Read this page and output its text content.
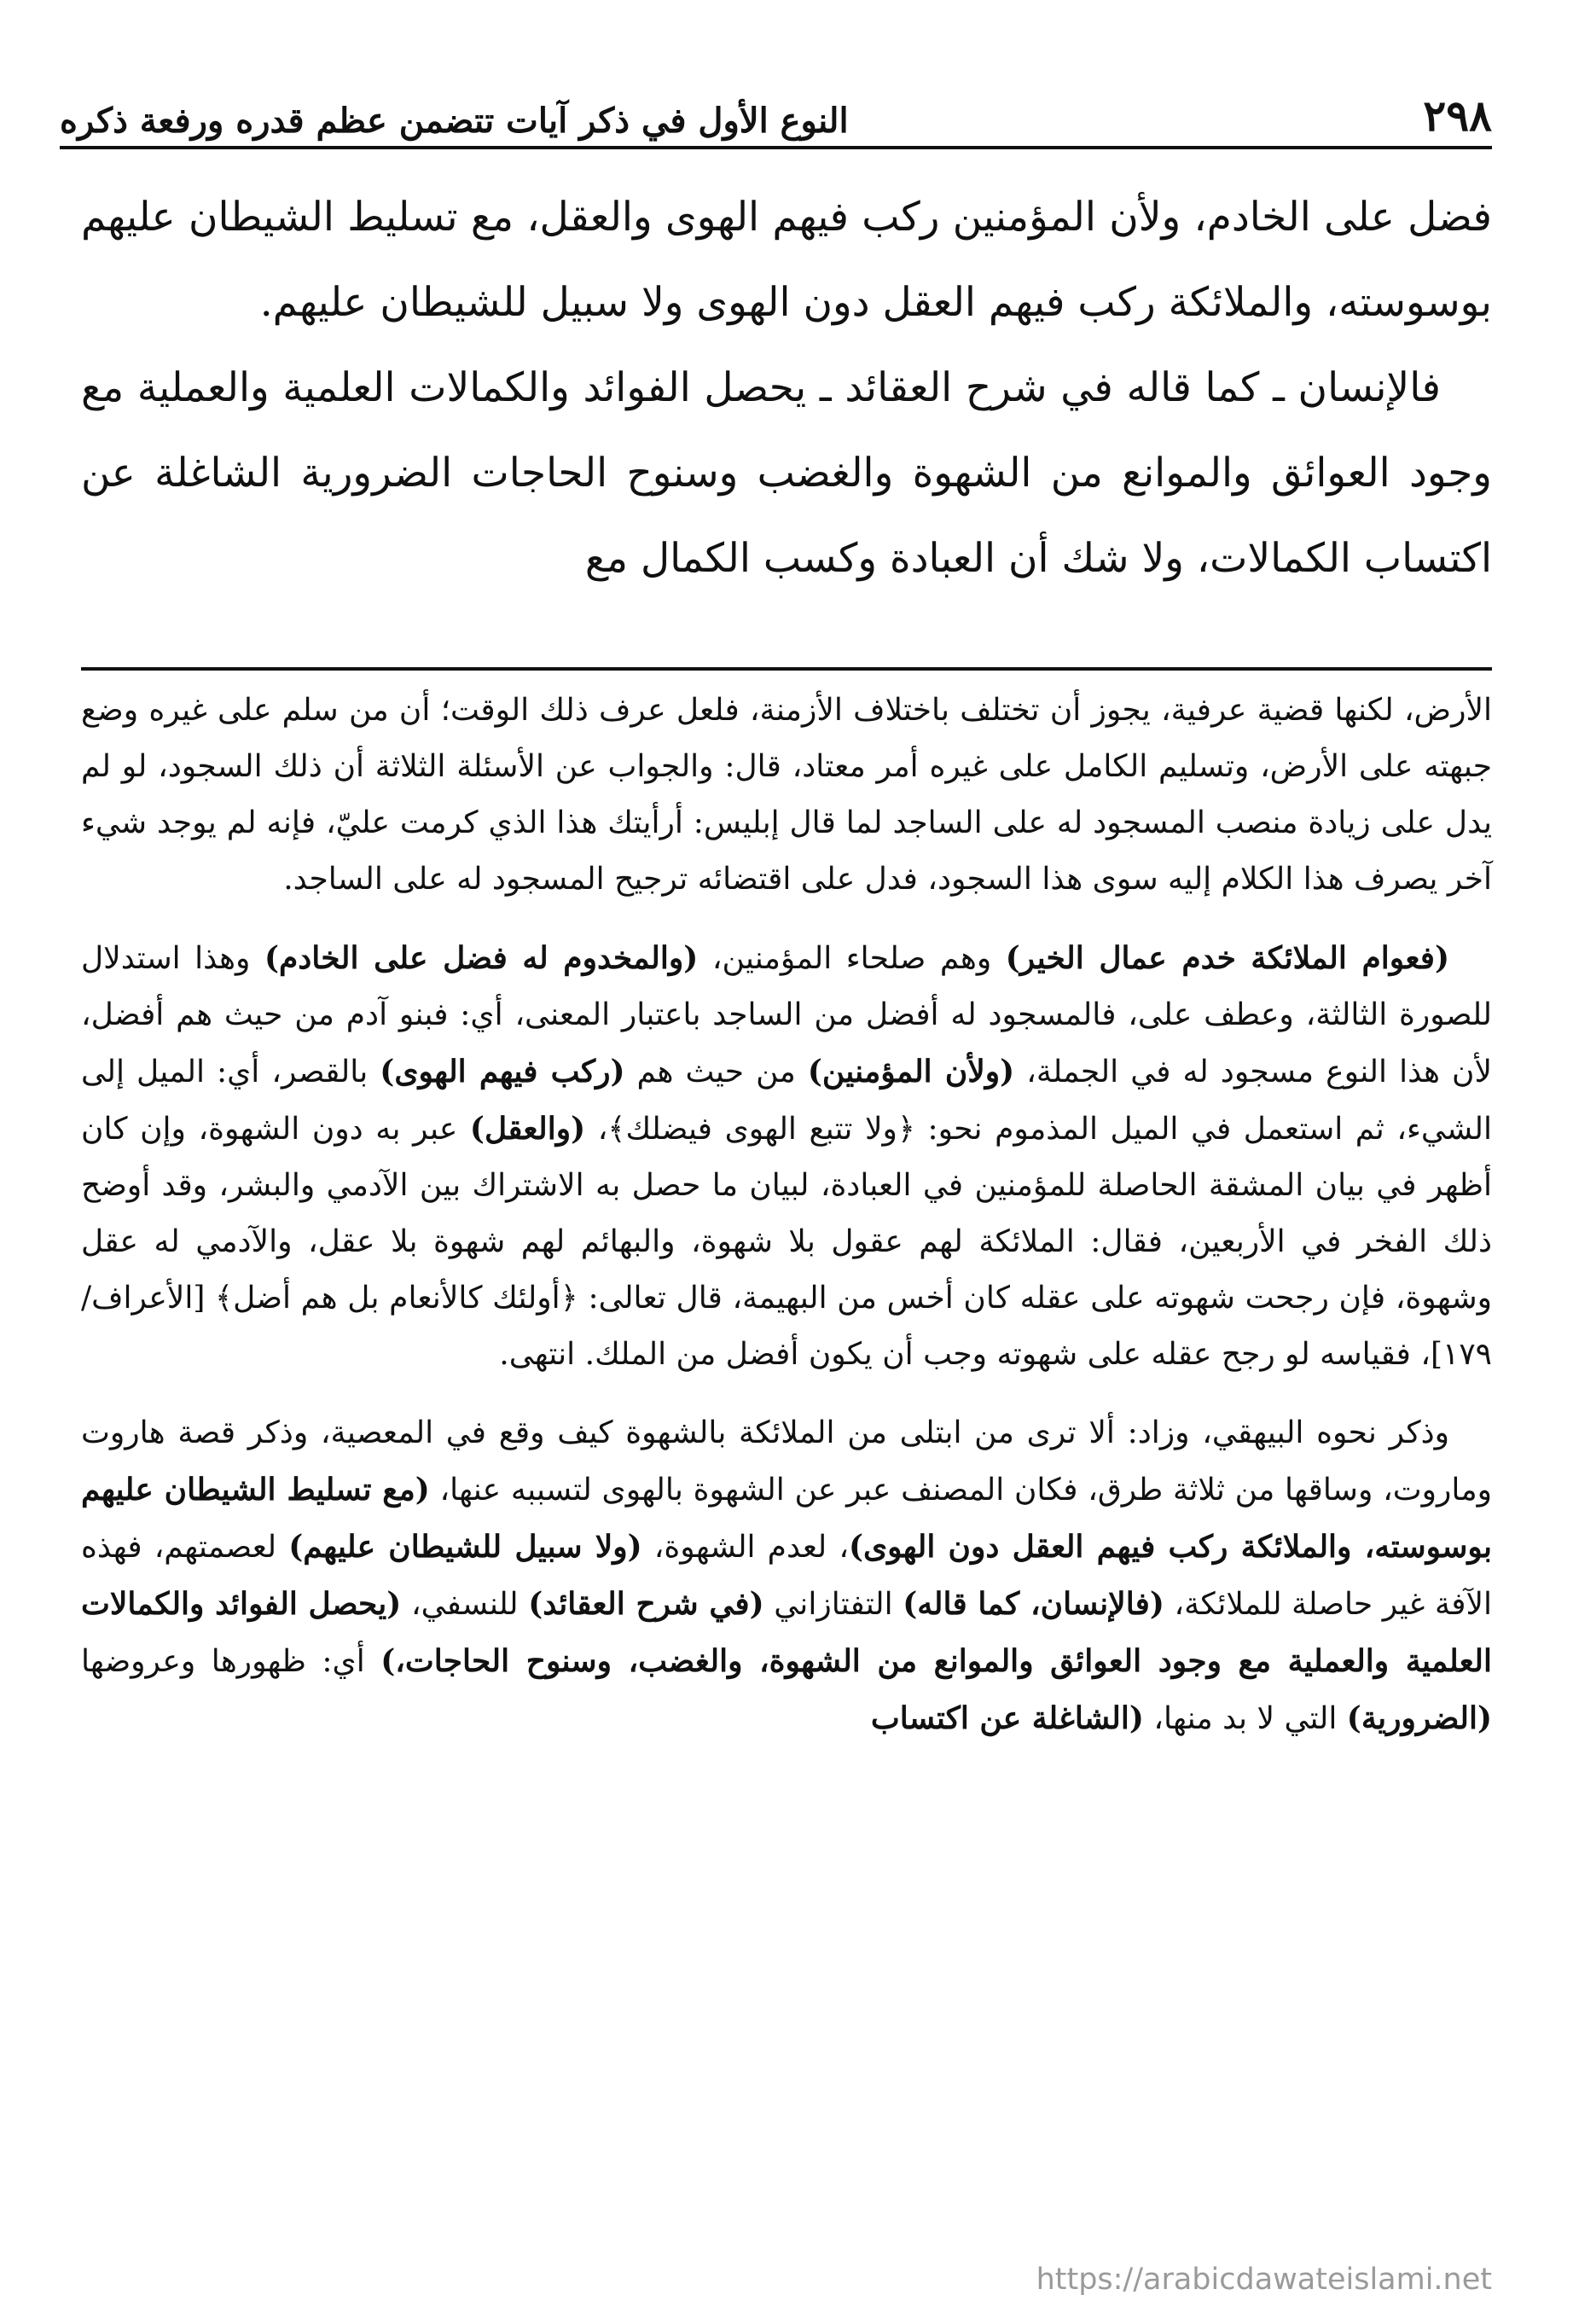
٢٩٨
النوع الأول في ذكر آيات تتضمن عظم قدره ورفعة ذكره

فضل على الخادم، ولأن المؤمنين ركب فيهم الهوى والعقل، مع تسليط الشيطان عليهم بوسوسته، والملائكة ركب فيهم العقل دون الهوى ولا سبيل للشيطان عليهم.

فالإنسان ـ كما قاله في شرح العقائد ـ يحصل الفوائد والكمالات العلمية والعملية مع وجود العوائق والموانع من الشهوة والغضب وسنوح الحاجات الضرورية الشاغلة عن اكتساب الكمالات، ولا شك أن العبادة وكسب الكمال مع

الأرض، لكنها قضية عرفية، يجوز أن تختلف باختلاف الأزمنة، فلعل عرف ذلك الوقت؛ أن من سلم على غيره وضع جبهته على الأرض، وتسليم الكامل على غيره أمر معتاد، قال: والجواب عن الأسئلة الثلاثة أن ذلك السجود، لو لم يدل على زيادة منصب المسجود له على الساجد لما قال إبليس: أرأيتك هذا الذي كرمت عليّ، فإنه لم يوجد شيء آخر يصرف هذا الكلام إليه سوى هذا السجود، فدل على اقتضائه ترجيح المسجود له على الساجد.

(فعوام الملائكة خدم عمال الخير) وهم صلحاء المؤمنين، (والمخدوم له فضل على الخادم) وهذا استدلال للصورة الثالثة، وعطف على، فالمسجود له أفضل من الساجد باعتبار المعنى، أي: فبنو آدم من حيث هم أفضل، لأن هذا النوع مسجود له في الجملة، (ولأن المؤمنين) من حيث هم (ركب فيهم الهوى) بالقصر، أي: الميل إلى الشيء، ثم استعمل في الميل المذموم نحو: ﴿ولا تتبع الهوى فيضلك﴾، (والعقل) عبر به دون الشهوة، وإن كان أظهر في بيان المشقة الحاصلة للمؤمنين في العبادة، لبيان ما حصل به الاشتراك بين الآدمي والبشر، وقد أوضح ذلك الفخر في الأربعين، فقال: الملائكة لهم عقول بلا شهوة، والبهائم لهم شهوة بلا عقل، والآدمي له عقل وشهوة، فإن رجحت شهوته على عقله كان أخس من البهيمة، قال تعالى: ﴿أولئك كالأنعام بل هم أضل﴾ [الأعراف/١٧٩]، فقياسه لو رجح عقله على شهوته وجب أن يكون أفضل من الملك. انتهى.

وذكر نحوه البيهقي، وزاد: ألا ترى من ابتلى من الملائكة بالشهوة كيف وقع في المعصية، وذكر قصة هاروت وماروت، وساقها من ثلاثة طرق، فكان المصنف عبر عن الشهوة بالهوى لتسببه عنها، (مع تسليط الشيطان عليهم بوسوسته، والملائكة ركب فيهم العقل دون الهوى)، لعدم الشهوة، (ولا سبيل للشيطان عليهم) لعصمتهم، فهذه الآفة غير حاصلة للملائكة، (فالإنسان، كما قاله) التفتازاني (في شرح العقائد) للنسفي، (يحصل الفوائد والكمالات العلمية والعملية مع وجود العوائق والموانع من الشهوة، والغضب، وسنوح الحاجات،) أي: ظهورها وعروضها (الضرورية) التي لا بد منها، (الشاغلة عن اكتساب

https://arabicdawateislami.net
